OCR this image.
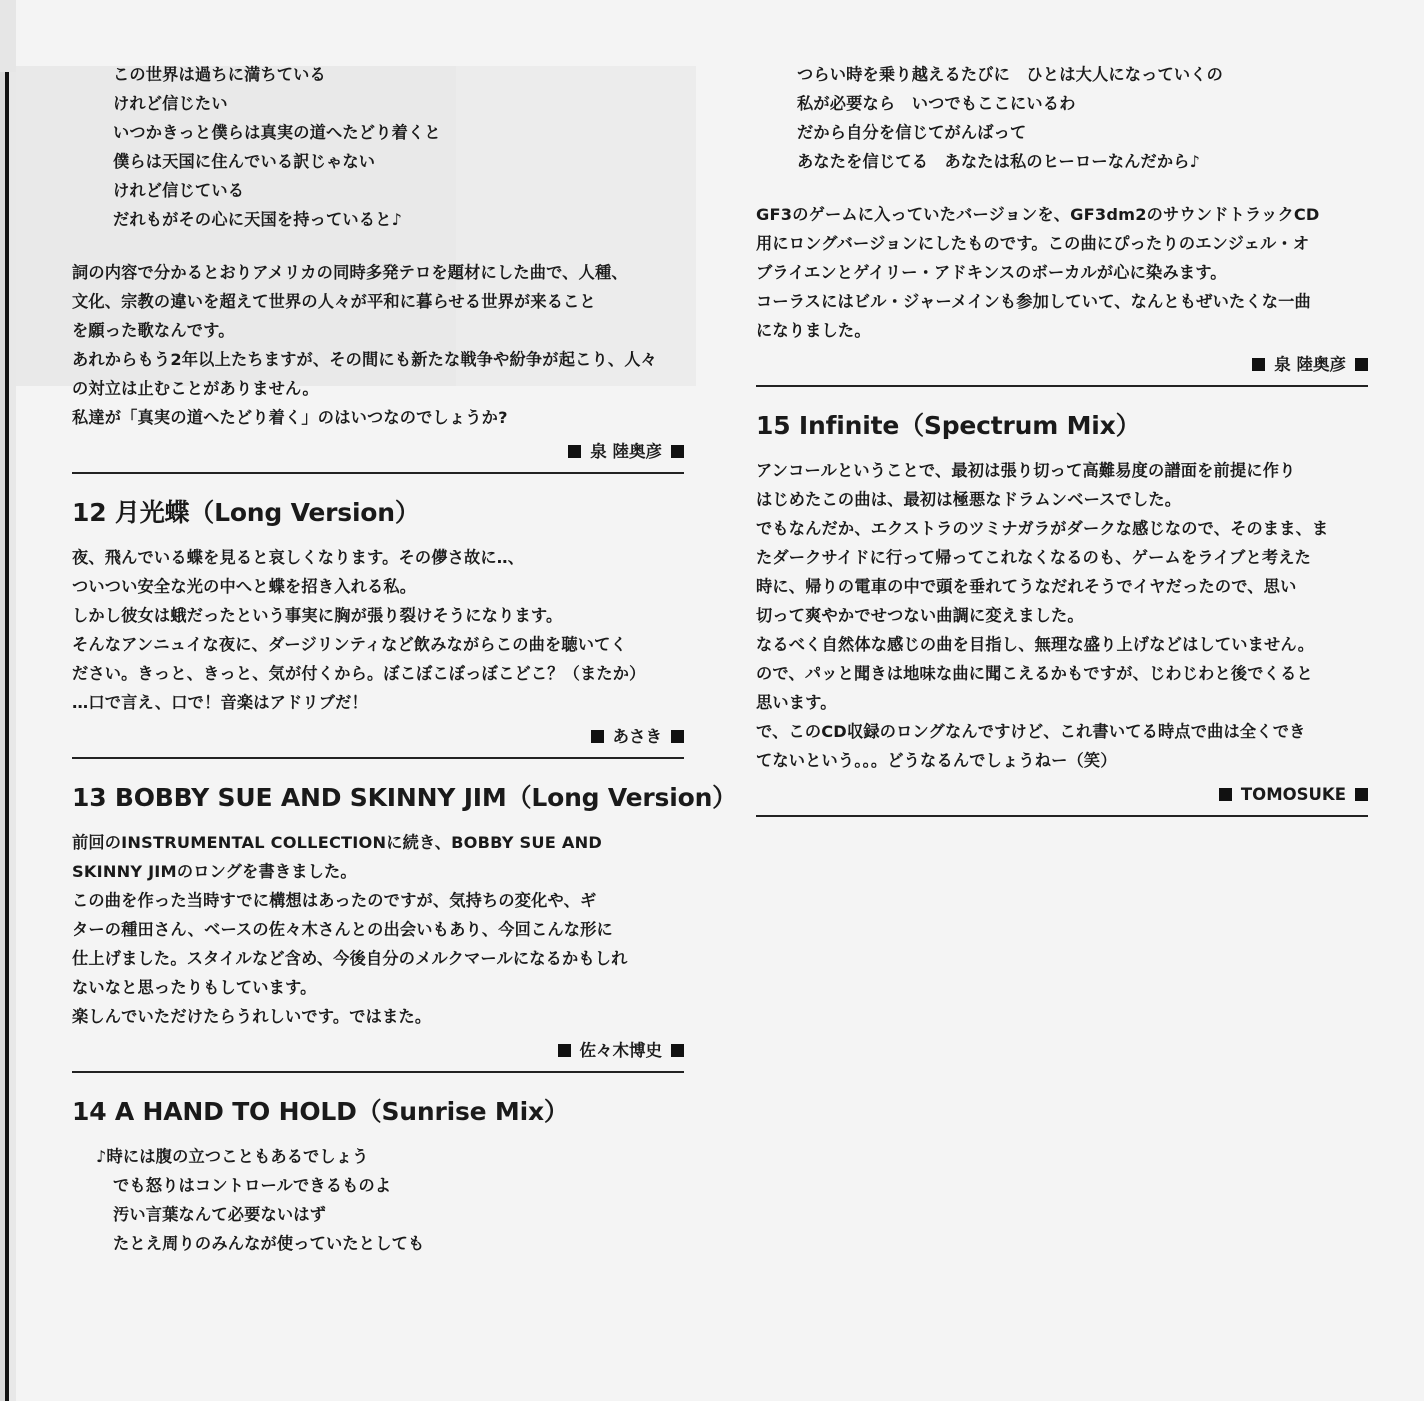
この世界は過ちに満ちている

けれど信じたい

いつかきっと僕らは真実の道へたどり着くと

僕らは天国に住んでいる訳じゃない

けれど信じている

だれもがその心に天国を持っていると♪

詞の内容で分かるとおりアメリカの同時多発テロを題材にした曲で、人種、

文化、宗教の違いを超えて世界の人々が平和に暮らせる世界が来ること

を願った歌なんです。

あれからもう2年以上たちますが、その間にも新たな戦争や紛争が起こり、人々

の対立は止むことがありません。

私達が「真実の道へたどり着く」のはいつなのでしょうか?

泉 陸奥彦
12 月光蝶（Long Version）

夜、飛んでいる蝶を見ると哀しくなります。その儚さ故に‥、

ついつい安全な光の中へと蝶を招き入れる私。

しかし彼女は蛾だったという事実に胸が張り裂けそうになります。

そんなアンニュイな夜に、ダージリンティなど飲みながらこの曲を聴いてく

ださい。きっと、きっと、気が付くから。ぼこぼこぼっぼこどこ？（またか）

…口で言え、口で！音楽はアドリブだ！

あさき
13 BOBBY SUE AND SKINNY JIM（Long Version）

前回のINSTRUMENTAL COLLECTIONに続き、BOBBY SUE AND

SKINNY JIMのロングを書きました。

この曲を作った当時すでに構想はあったのですが、気持ちの変化や、ギ

ターの種田さん、ベースの佐々木さんとの出会いもあり、今回こんな形に

仕上げました。スタイルなど含め、今後自分のメルクマールになるかもしれ

ないなと思ったりもしています。

楽しんでいただけたらうれしいです。ではまた。

佐々木博史
14 A HAND TO HOLD（Sunrise Mix）

♪時には腹の立つこともあるでしょう

でも怒りはコントロールできるものよ

汚い言葉なんて必要ないはず

たとえ周りのみんなが使っていたとしても

つらい時を乗り越えるたびに　ひとは大人になっていくの

私が必要なら　いつでもここにいるわ

だから自分を信じてがんばって

あなたを信じてる　あなたは私のヒーローなんだから♪

GF3のゲームに入っていたバージョンを、GF3dm2のサウンドトラックCD

用にロングバージョンにしたものです。この曲にぴったりのエンジェル・オ

ブライエンとゲイリー・アドキンスのボーカルが心に染みます。

コーラスにはビル・ジャーメインも参加していて、なんともぜいたくな一曲

になりました。

泉 陸奥彦
15 Infinite（Spectrum Mix）

アンコールということで、最初は張り切って高難易度の譜面を前提に作り

はじめたこの曲は、最初は極悪なドラムンベースでした。

でもなんだか、エクストラのツミナガラがダークな感じなので、そのまま、ま

たダークサイドに行って帰ってこれなくなるのも、ゲームをライブと考えた

時に、帰りの電車の中で頭を垂れてうなだれそうでイヤだったので、思い

切って爽やかでせつない曲調に変えました。

なるべく自然体な感じの曲を目指し、無理な盛り上げなどはしていません。

ので、パッと聞きは地味な曲に聞こえるかもですが、じわじわと後でくると

思います。

で、このCD収録のロングなんですけど、これ書いてる時点で曲は全くでき

てないという。。。どうなるんでしょうねー（笑）

TOMOSUKE
